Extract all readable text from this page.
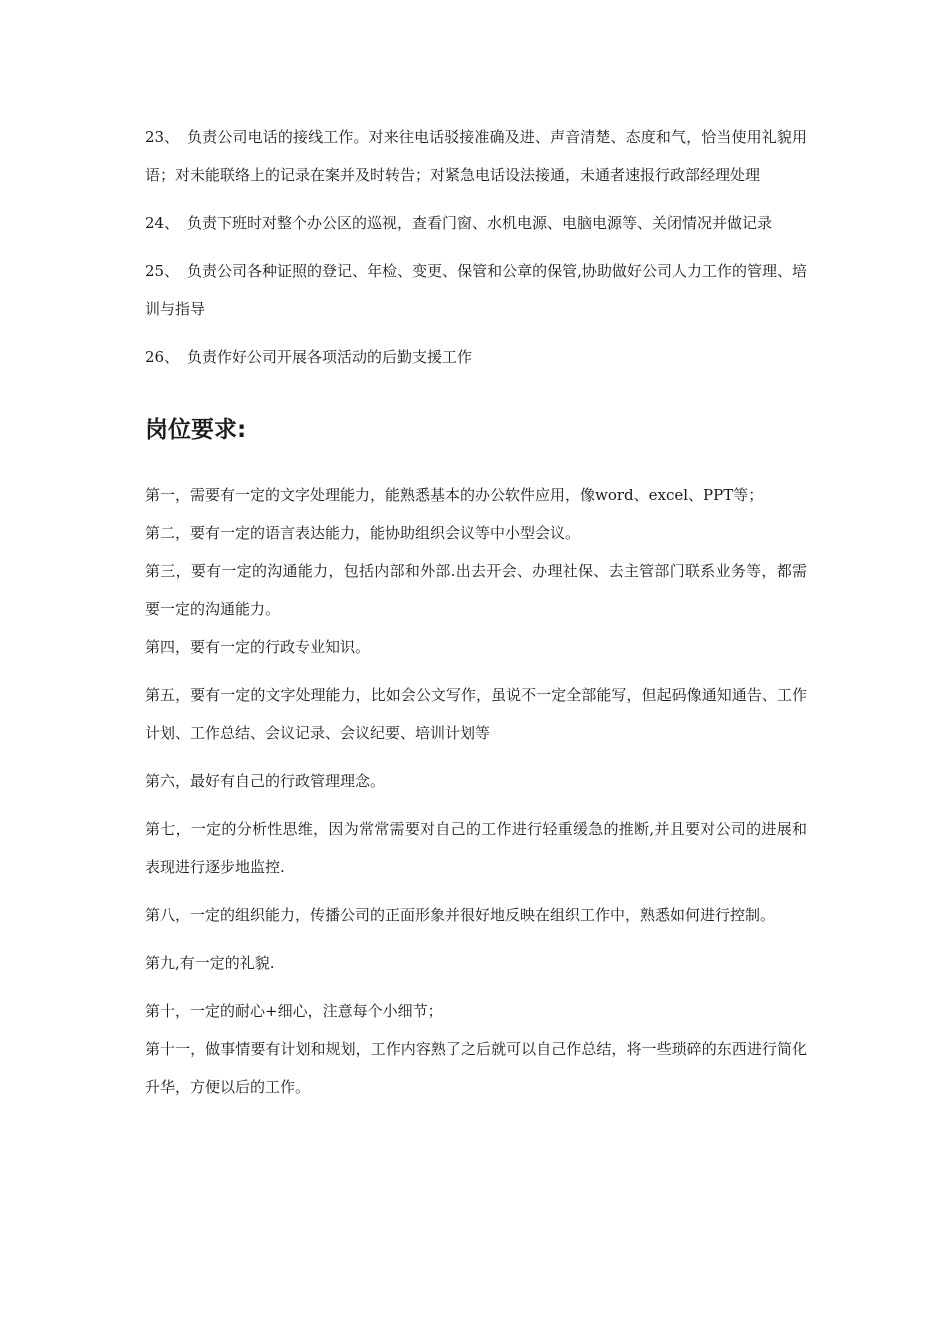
23、 负责公司电话的接线工作。对来往电话驳接准确及进、声音清楚、态度和气，恰当使用礼貌用语；对未能联络上的记录在案并及时转告；对紧急电话设法接通，未通者速报行政部经理处理

24、 负责下班时对整个办公区的巡视，查看门窗、水机电源、电脑电源等、关闭情况并做记录

25、 负责公司各种证照的登记、年检、变更、保管和公章的保管,协助做好公司人力工作的管理、培训与指导

26、 负责作好公司开展各项活动的后勤支援工作

岗位要求:

第一，需要有一定的文字处理能力，能熟悉基本的办公软件应用，像word、excel、PPT等；

第二，要有一定的语言表达能力，能协助组织会议等中小型会议。

第三，要有一定的沟通能力，包括内部和外部.出去开会、办理社保、去主管部门联系业务等，都需要一定的沟通能力。

第四，要有一定的行政专业知识。

第五，要有一定的文字处理能力，比如会公文写作，虽说不一定全部能写，但起码像通知通告、工作计划、工作总结、会议记录、会议纪要、培训计划等

第六，最好有自己的行政管理理念。

第七，一定的分析性思维，因为常常需要对自己的工作进行轻重缓急的推断,并且要对公司的进展和表现进行逐步地监控.

第八，一定的组织能力，传播公司的正面形象并很好地反映在组织工作中，熟悉如何进行控制。

第九,有一定的礼貌.

第十，一定的耐心+细心，注意每个小细节；

第十一，做事情要有计划和规划，工作内容熟了之后就可以自己作总结，将一些琐碎的东西进行简化升华，方便以后的工作。
